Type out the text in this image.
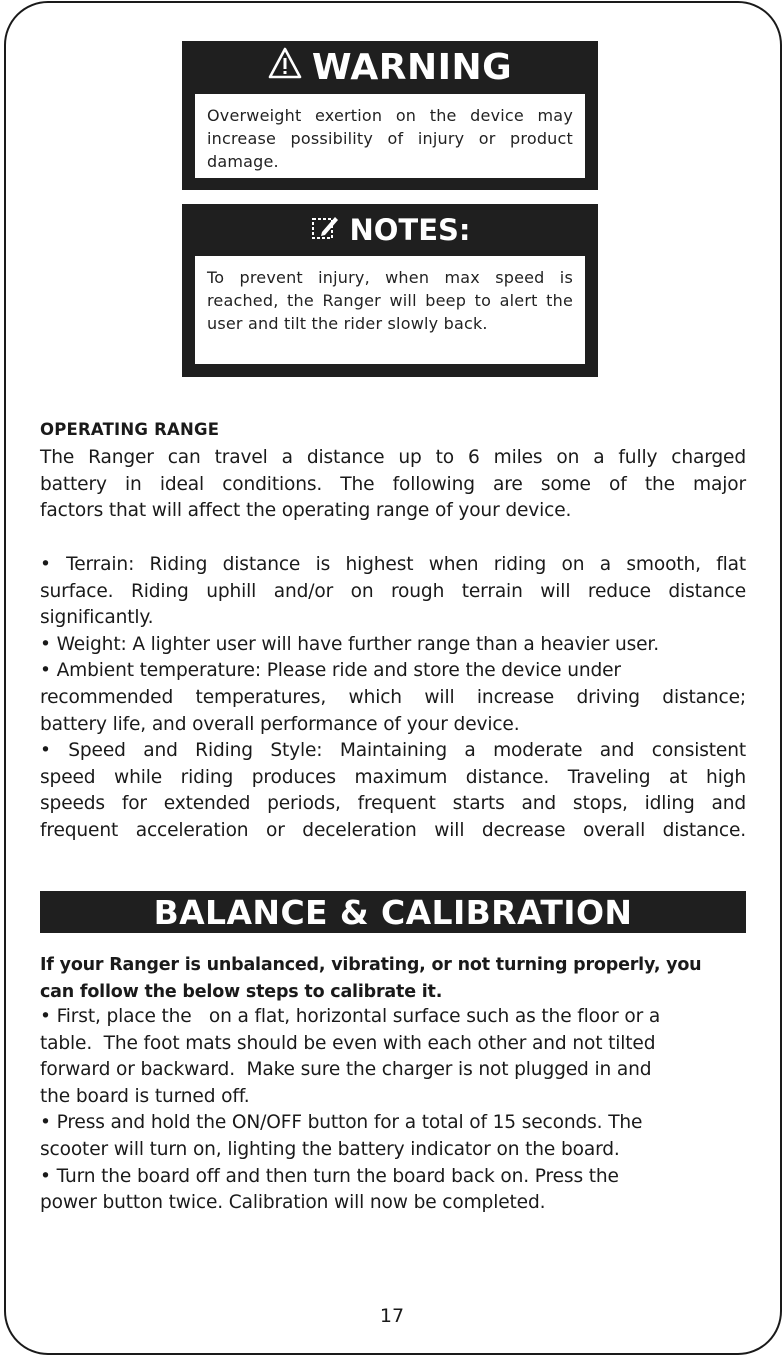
WARNING
Overweight exertion on the device may increase possibility of injury or product damage.
NOTES:
To prevent injury, when max speed is reached, the Ranger will beep to alert the user and tilt the rider slowly back.
OPERATING RANGE

The Ranger can travel a distance up to 6 miles on a fully charged

battery in ideal conditions. The following are some of the major

factors that will affect the operating range of your device.

• Terrain: Riding distance is highest when riding on a smooth, flat

surface. Riding uphill and/or on rough terrain will reduce distance

significantly.

• Weight: A lighter user will have further range than a heavier user.

• Ambient temperature: Please ride and store the device under

recommended temperatures, which will increase driving distance;

battery life, and overall performance of your device.

• Speed and Riding Style: Maintaining a moderate and consistent

speed while riding produces maximum distance. Traveling at high

speeds for extended periods, frequent starts and stops, idling and

frequent acceleration or deceleration will decrease overall distance.

BALANCE & CALIBRATION

If your Ranger is unbalanced, vibrating, or not turning properly, you

can follow the below steps to calibrate it.

• First, place the   on a flat, horizontal surface such as the floor or a

table.  The foot mats should be even with each other and not tilted

forward or backward.  Make sure the charger is not plugged in and

the board is turned off.

• Press and hold the ON/OFF button for a total of 15 seconds. The

scooter will turn on, lighting the battery indicator on the board.

• Turn the board off and then turn the board back on. Press the

power button twice. Calibration will now be completed.

17
